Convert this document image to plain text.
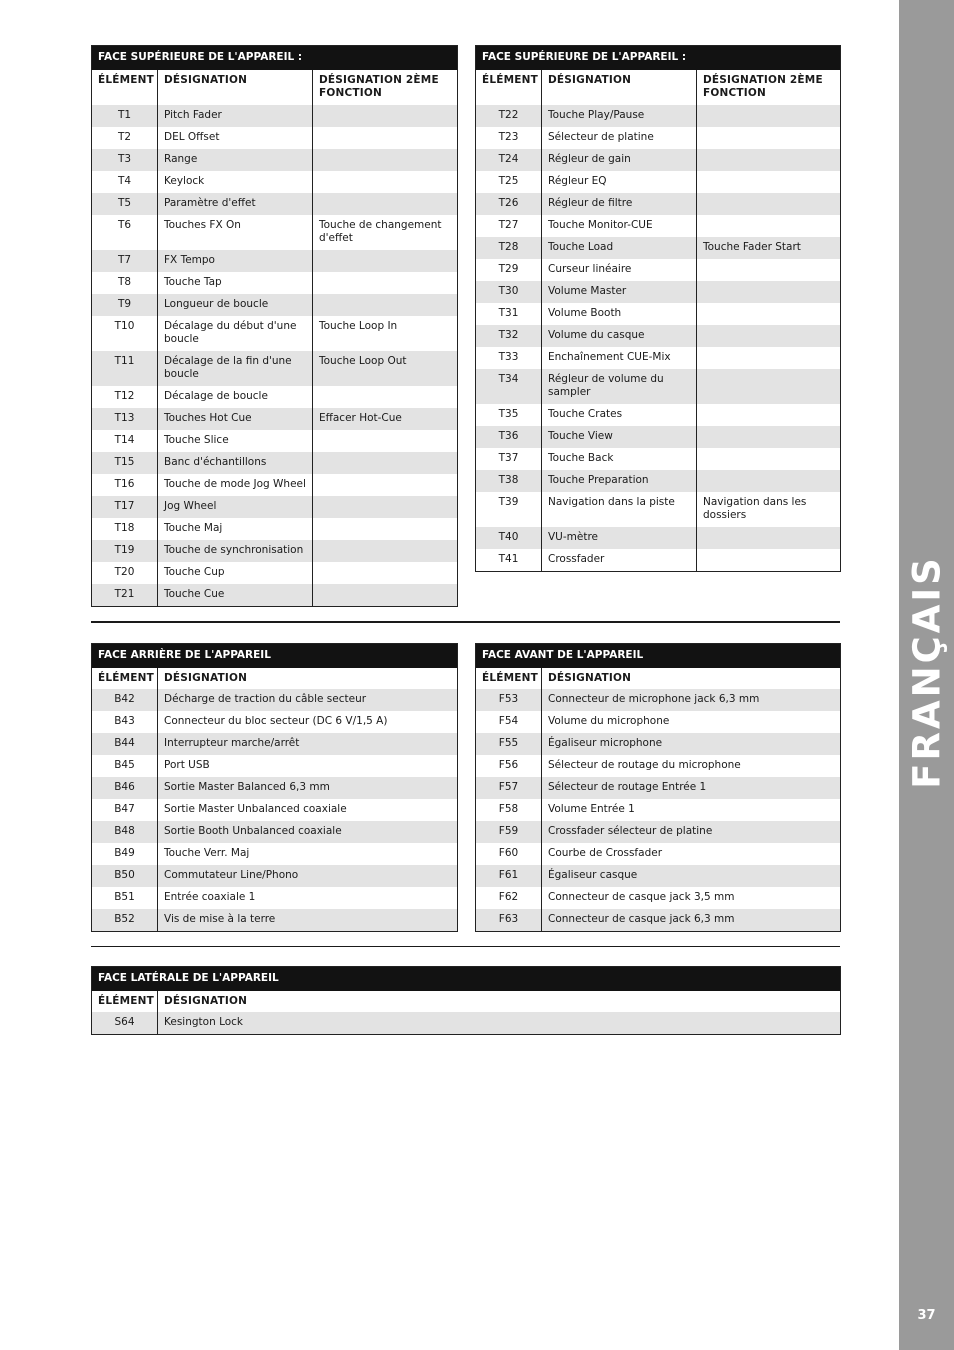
FRANÇAIS
37
FACE SUPÉRIEURE DE L'APPAREIL :		
ÉLÉMENT	DÉSIGNATION	DÉSIGNATION 2ÈME FONCTION
T1	Pitch Fader	
T2	DEL Offset	
T3	Range	
T4	Keylock	
T5	Paramètre d'effet	
T6	Touches FX On	Touche de changement d'effet
T7	FX Tempo	
T8	Touche Tap	
T9	Longueur de boucle	
T10	Décalage du début d'une boucle	Touche Loop In
T11	Décalage de la fin d'une boucle	Touche Loop Out
T12	Décalage de boucle	
T13	Touches Hot Cue	Effacer Hot-Cue
T14	Touche Slice	
T15	Banc d'échantillons	
T16	Touche de mode Jog Wheel	
T17	Jog Wheel	
T18	Touche Maj	
T19	Touche de synchronisation	
T20	Touche Cup	
T21	Touche Cue	
FACE SUPÉRIEURE DE L'APPAREIL :		
ÉLÉMENT	DÉSIGNATION	DÉSIGNATION 2ÈME FONCTION
T22	Touche Play/Pause	
T23	Sélecteur de platine	
T24	Régleur de gain	
T25	Régleur EQ	
T26	Régleur de filtre	
T27	Touche Monitor-CUE	
T28	Touche Load	Touche Fader Start
T29	Curseur linéaire	
T30	Volume Master	
T31	Volume Booth	
T32	Volume du casque	
T33	Enchaînement CUE-Mix	
T34	Régleur de volume du sampler	
T35	Touche Crates	
T36	Touche View	
T37	Touche Back	
T38	Touche Preparation	
T39	Navigation dans la piste	Navigation dans les dossiers
T40	VU-mètre	
T41	Crossfader	
FACE ARRIÈRE DE L'APPAREIL	
ÉLÉMENT	DÉSIGNATION
B42	Décharge de traction du câble secteur
B43	Connecteur du bloc secteur (DC 6 V/1,5 A)
B44	Interrupteur marche/arrêt
B45	Port USB
B46	Sortie Master Balanced 6,3 mm
B47	Sortie Master Unbalanced coaxiale
B48	Sortie Booth Unbalanced coaxiale
B49	Touche Verr. Maj
B50	Commutateur Line/Phono
B51	Entrée coaxiale 1
B52	Vis de mise à la terre
FACE AVANT DE L'APPAREIL	
ÉLÉMENT	DÉSIGNATION
F53	Connecteur de microphone jack 6,3 mm
F54	Volume du microphone
F55	Égaliseur microphone
F56	Sélecteur de routage du microphone
F57	Sélecteur de routage Entrée 1
F58	Volume Entrée 1
F59	Crossfader sélecteur de platine
F60	Courbe de Crossfader
F61	Égaliseur casque
F62	Connecteur de casque jack 3,5 mm
F63	Connecteur de casque jack 6,3 mm
FACE LATÉRALE DE L'APPAREIL	
ÉLÉMENT	DÉSIGNATION
S64	Kesington Lock
